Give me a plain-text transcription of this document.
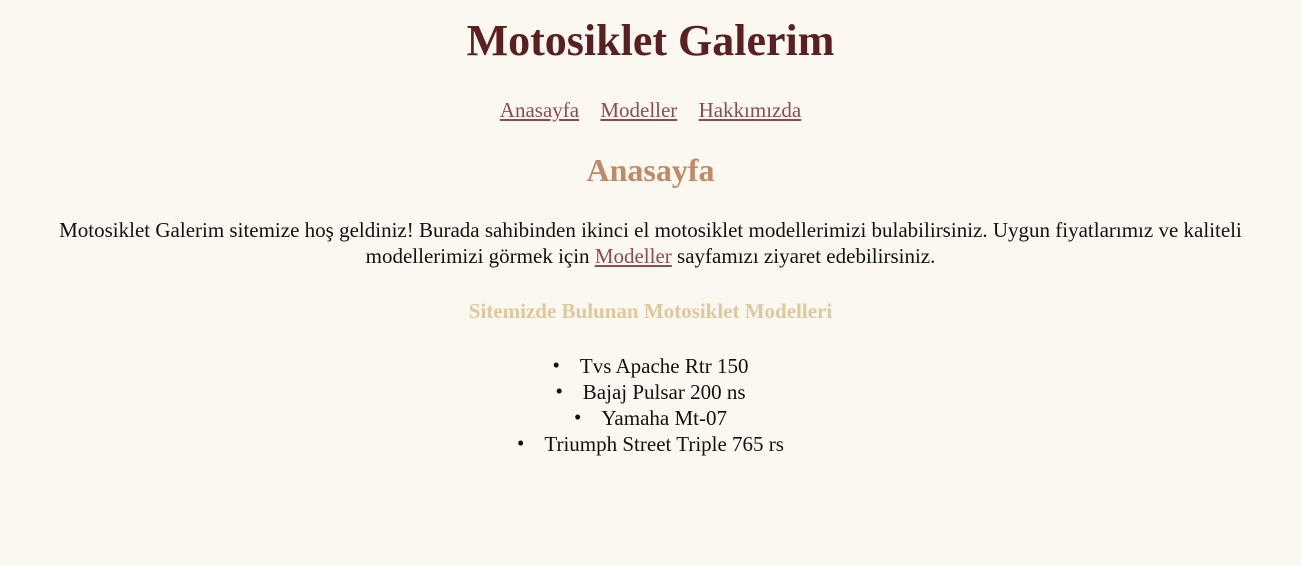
Motosiklet Galerim
Anasayfa Modeller Hakkımızda
Anasayfa

Motosiklet Galerim sitemize hoş geldiniz! Burada sahibinden ikinci el motosiklet modellerimizi bulabilirsiniz. Uygun fiyatlarımız ve kaliteli modellerimizi görmek için Modeller sayfamızı ziyaret edebilirsiniz.

Sitemizde Bulunan Motosiklet Modelleri
• Tvs Apache Rtr 150
• Bajaj Pulsar 200 ns
• Yamaha Mt-07
• Triumph Street Triple 765 rs
